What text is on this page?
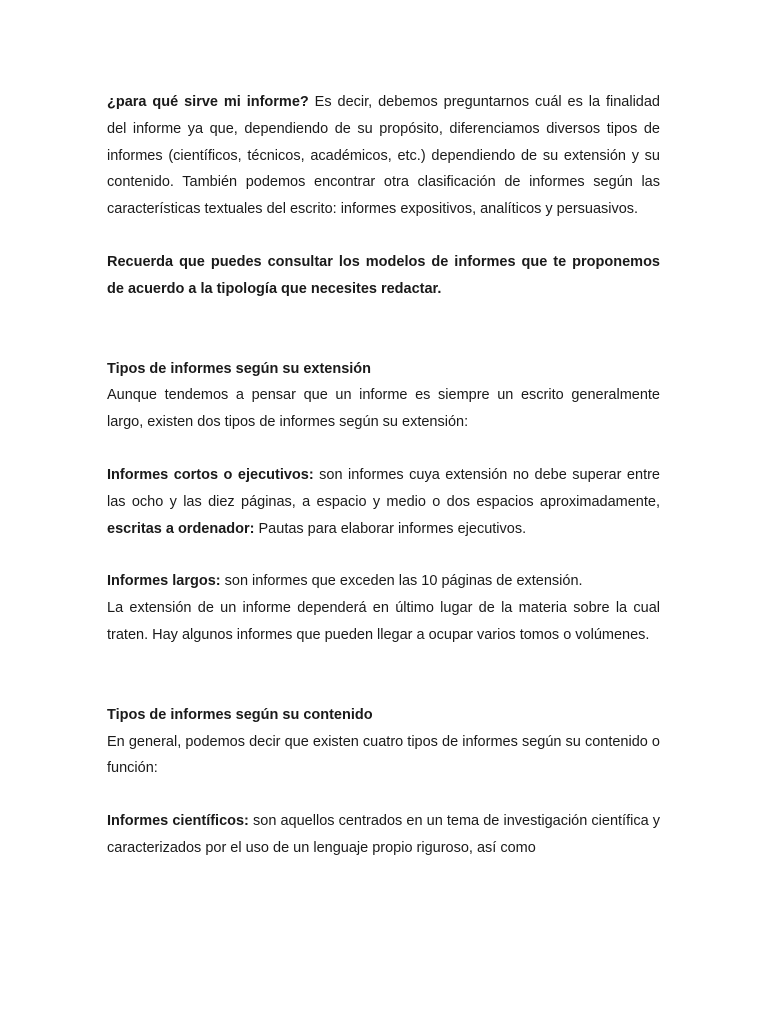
¿para qué sirve mi informe? Es decir, debemos preguntarnos cuál es la finalidad del informe ya que, dependiendo de su propósito, diferenciamos diversos tipos de informes (científicos, técnicos, académicos, etc.) dependiendo de su extensión y su contenido. También podemos encontrar otra clasificación de informes según las características textuales del escrito: informes expositivos, analíticos y persuasivos.

Recuerda que puedes consultar los modelos de informes que te proponemos de acuerdo a la tipología que necesites redactar.

Tipos de informes según su extensión

Aunque tendemos a pensar que un informe es siempre un escrito generalmente largo, existen dos tipos de informes según su extensión:

Informes cortos o ejecutivos: son informes cuya extensión no debe superar entre las ocho y las diez páginas, a espacio y medio o dos espacios aproximadamente, escritas a ordenador: Pautas para elaborar informes ejecutivos.

Informes largos: son informes que exceden las 10 páginas de extensión.

La extensión de un informe dependerá en último lugar de la materia sobre la cual traten. Hay algunos informes que pueden llegar a ocupar varios tomos o volúmenes.

Tipos de informes según su contenido

En general, podemos decir que existen cuatro tipos de informes según su contenido o función:

Informes científicos: son aquellos centrados en un tema de investigación científica y caracterizados por el uso de un lenguaje propio riguroso, así como
